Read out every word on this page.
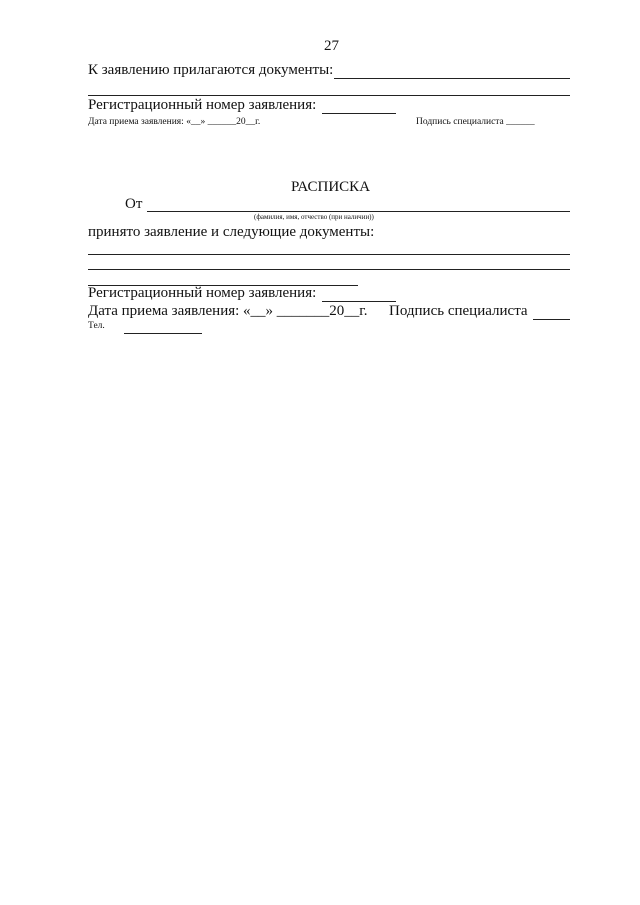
27
К заявлению прилагаются документы:
Регистрационный номер заявления:
Дата приема заявления: «__» ______20__г.	Подпись специалиста ______
РАСПИСКА
От
(фамилия, имя, отчество (при наличии))
принято заявление и следующие документы:
Регистрационный номер заявления:
Дата приема заявления: «__» _______20__г. Подпись специалиста
Тел.
